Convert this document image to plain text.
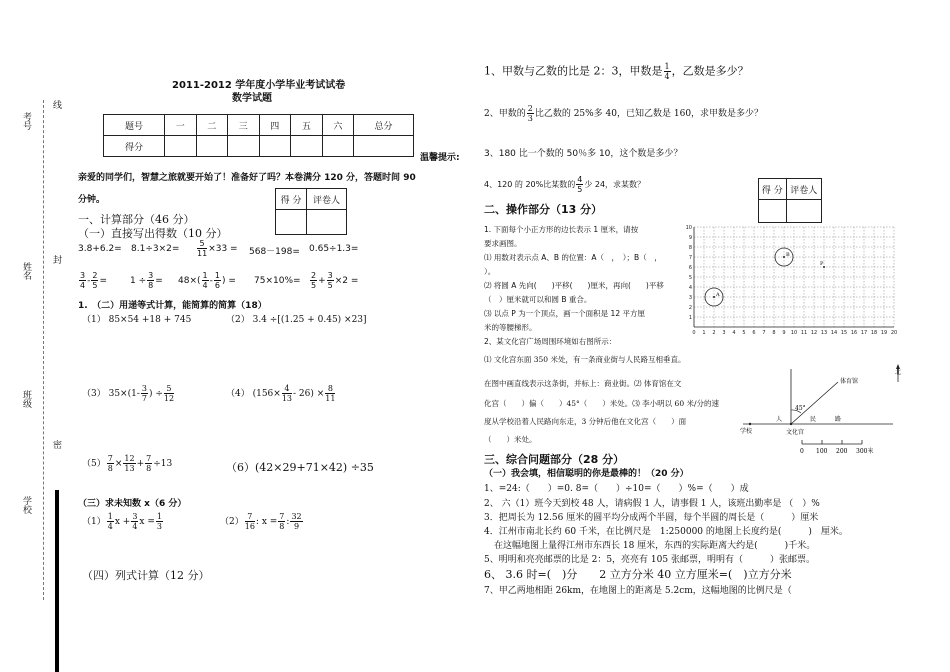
考号
线
姓名
封
班级
密
学校
2011-2012 学年度小学毕业考试试卷
数学试题
题号	一	二	三	四	五	六	总分
得分							
温馨提示:
亲爱的同学们，智慧之旅就要开始了！准备好了吗？本卷满分 120 分，答题时间 90
分钟。	得 分	评卷人

一、计算部分（46 分）
（一）直接写出得数（10 分）
$3.8+6.2= 8.1\div 3\times 2= \frac{5}{11} \times 33 = 568-198= 0.65\div 1.3=$
$\frac{3}{4} - \frac{2}{5}$ =	$1 \div \frac{3}{8} = 48\times( \frac{1}{4} - \frac{1}{6}$ ) = $75\times 10\%= \frac{2}{5} + \frac{3}{5} \times 2$ =
1.　（二）用递等式计算，能简算的简算（18）
（1） 85×54 +18 + 745	（2） 3.4 ÷[(1.25 + 0.45) ×23]
（3） $35\times(1- \frac{3}{7}$ ) ÷ $\frac{5}{12}$	（4） $(156\times \frac{4}{13} - 26) \times \frac{8}{11}$
$(5) \frac{7}{8} \times \frac{12}{13} + \frac{7}{8} \div 13$	（6）(42×29+71×42) ÷35
（三）求未知数 x（6 分）
$(1) \frac{1}{4}$ $x + \frac{3}{4}$ $x = \frac{1}{3}$	$(2) \frac{7}{16}$ : $x = \frac{7}{8}$ : $\frac{32}{9}$
（四）列式计算（12 分）
1、甲数与乙数的比是 2：3，甲数是 $\frac{1}{4}$ ，乙数是多少？
2、甲数的 $\frac{2}{3}$ 比乙数的 25%多 40，已知乙数是 160，求甲数是多少？
3、180 比一个数的 50％多 10，这个数是多少？
4、120 的 20%比某数的 $\frac{4}{5}$ 少 24，求某数？
得 分	评卷人

二、操作部分（13 分）
1. 下面每个小正方形的边长表示 1 厘米，请按
要求画图。
⑴ 用数对表示点 A、B 的位置：A（　，　）；B（　，
）。
⑵ 将圆 A 先向(　　)平移(　　)厘米，再向(　　)平移
（　）厘米就可以和圆 B 重合。
⑶ 以点 P 为一个顶点，画一个面积是 12 平方厘
米的等腰梯形。
0 1 2 3 4 5 6 7 8 9 10 11 12 13 14 15 16 17 18 19 20
10
9
8
7
6
5
4
3
2
1
A
B
P
2、某文化宫广场周围环境如右图所示：
⑴ 文化宫东面 350 米处，有一条商业街与人民路互相垂直。
在图中画直线表示这条街，并标上：商业街。⑵ 体育馆在文
化宫（　　）偏（　　）45°（　　）米处。⑶ 李小明以 60 米/分的速
度从学校沿着人民路向东走，3 分钟后他在文化宫（　　）面
（　　）米处。
北
体育馆
45°
人	民	路
学校	文化宫
0 100 200 300米
三、综合问题部分（28 分）
（一）我会填，相信聪明的你是最棒的！（20 分）
1、=24:（　　）=0. 8=（　　）÷10=（　　）%=（　　）成
2、 六（1）班今天到校 48 人，请病假 1 人，请事假 1 人，该班出勤率是 （　）%
3．把周长为 12.56 厘米的圆平均分成两个半圆，每个半圆的周长是（　　　）厘米
4．江州市南北长约 60 千米，在比例尺是　1:250000 的地图上长度约是(　　　)　厘米。
在这幅地图上量得江州市东西长 18 厘米，东西的实际距离大约是(　　　)千米。
5、明明和亮亮邮票的比是 2：5，亮亮有 105 张邮票，明明有（　　　）张邮票。
6、 3.6 时=(　)分　　2 立方分米 40 立方厘米=(　)立方分米
7、甲乙两地相距 26km，在地图上的距离是 5.2cm，这幅地图的比例尺是（
